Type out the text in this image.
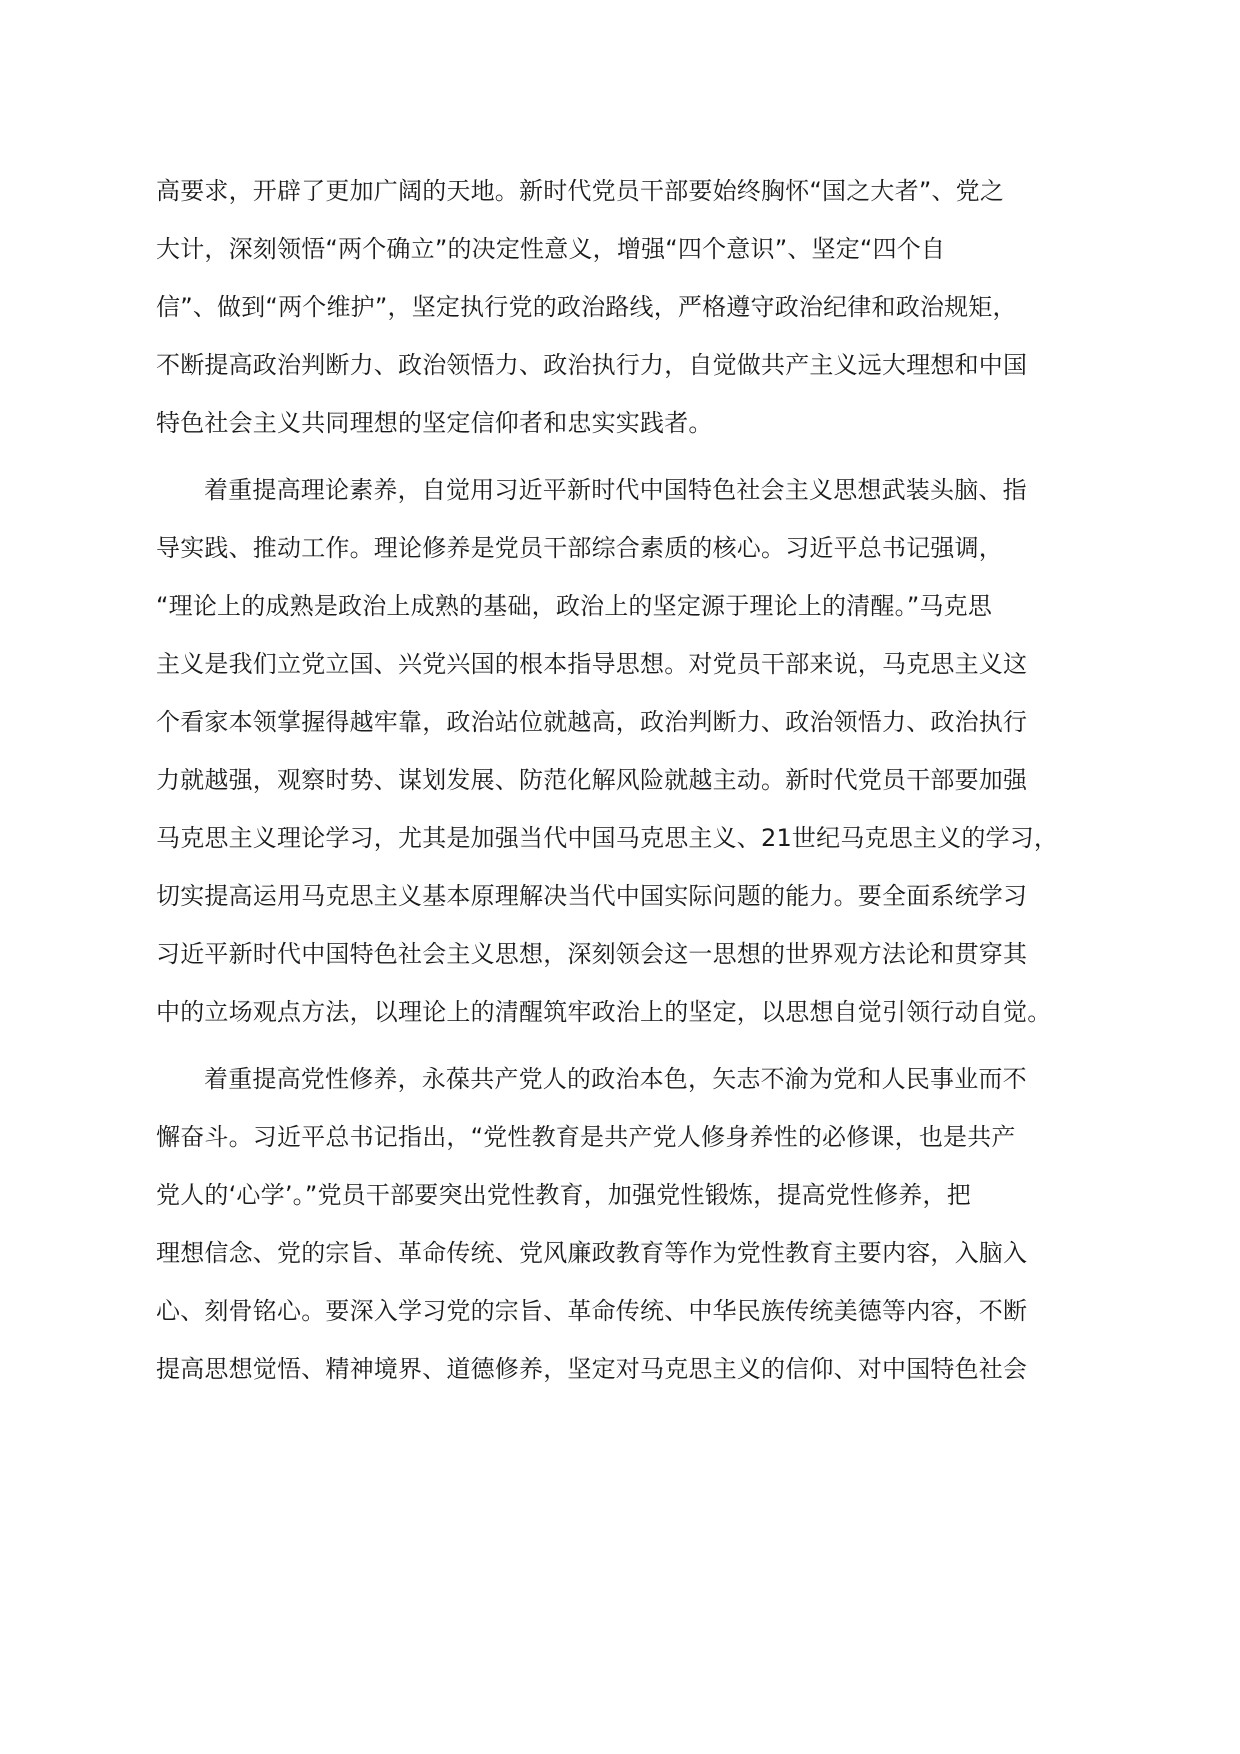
高要求，开辟了更加广阔的天地。新时代党员干部要始终胸怀“国之大者”、党之
大计，深刻领悟“两个确立”的决定性意义，增强“四个意识”、坚定“四个自
信”、做到“两个维护”，坚定执行党的政治路线，严格遵守政治纪律和政治规矩，
不断提高政治判断力、政治领悟力、政治执行力，自觉做共产主义远大理想和中国
特色社会主义共同理想的坚定信仰者和忠实实践者。
着重提高理论素养，自觉用习近平新时代中国特色社会主义思想武装头脑、指
导实践、推动工作。理论修养是党员干部综合素质的核心。习近平总书记强调，
“理论上的成熟是政治上成熟的基础，政治上的坚定源于理论上的清醒。”马克思
主义是我们立党立国、兴党兴国的根本指导思想。对党员干部来说，马克思主义这
个看家本领掌握得越牢靠，政治站位就越高，政治判断力、政治领悟力、政治执行
力就越强，观察时势、谋划发展、防范化解风险就越主动。新时代党员干部要加强
马克思主义理论学习，尤其是加强当代中国马克思主义、21世纪马克思主义的学习，
切实提高运用马克思主义基本原理解决当代中国实际问题的能力。要全面系统学习
习近平新时代中国特色社会主义思想，深刻领会这一思想的世界观方法论和贯穿其
中的立场观点方法，以理论上的清醒筑牢政治上的坚定，以思想自觉引领行动自觉。
着重提高党性修养，永葆共产党人的政治本色，矢志不渝为党和人民事业而不
懈奋斗。习近平总书记指出，“党性教育是共产党人修身养性的必修课，也是共产
党人的‘心学’。”党员干部要突出党性教育，加强党性锻炼，提高党性修养，把
理想信念、党的宗旨、革命传统、党风廉政教育等作为党性教育主要内容，入脑入
心、刻骨铭心。要深入学习党的宗旨、革命传统、中华民族传统美德等内容，不断
提高思想觉悟、精神境界、道德修养，坚定对马克思主义的信仰、对中国特色社会
